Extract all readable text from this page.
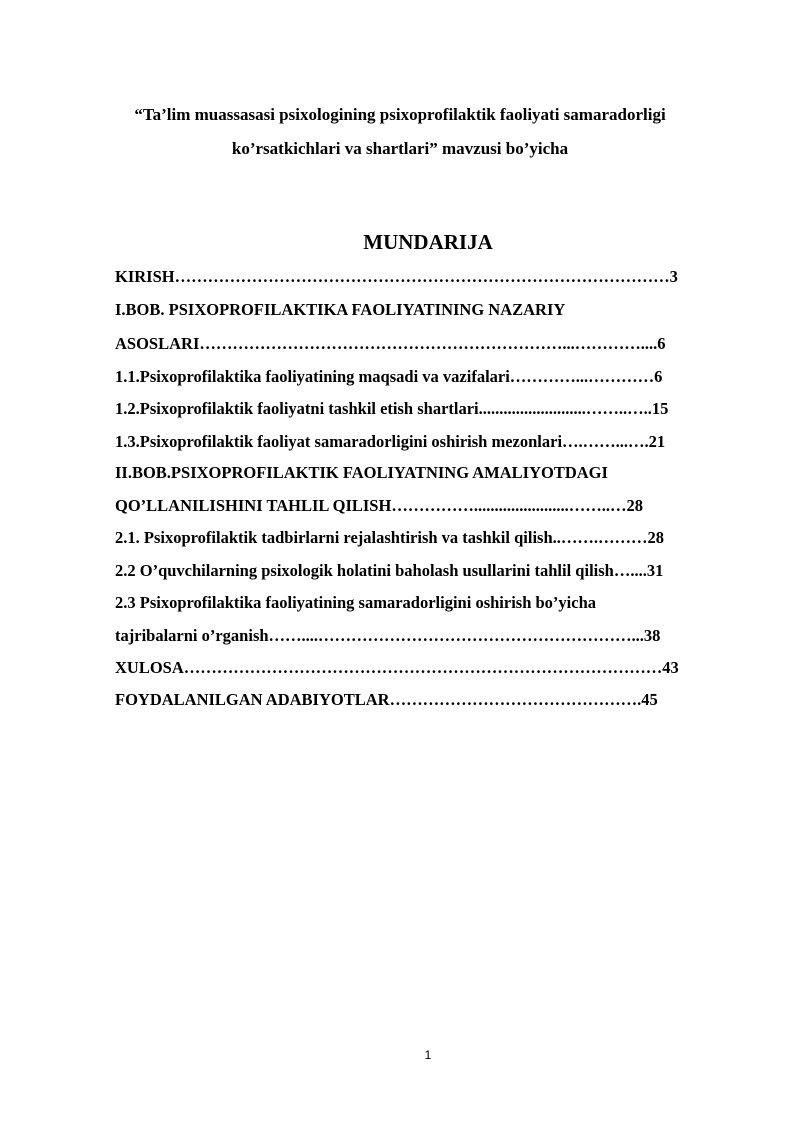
“Ta’lim muassasasi psixologining psixoprofilaktik faoliyati samaradorligi
ko’rsatkichlari va shartlari” mavzusi bo’yicha
MUNDARIJA
KIRISH………………………………………………………………………………3
I.BOB. PSIXOPROFILAKTIKA FAOLIYATINING NAZARIY
ASOSLARI…………………………………………………………...…………....6
1.1.Psixoprofilaktika faoliyatining maqsadi va vazifalari…………...…………6
1.2.Psixoprofilaktik faoliyatni tashkil etish shartlari..........................……..…..15
1.3.Psixoprofilaktik faoliyat samaradorligini oshirish mezonlari….……...….21
II.BOB.PSIXOPROFILAKTIK FAOLIYATNING AMALIYOTDAGI
QO’LLANILISHINI TAHLIL QILISH…………….......................……..…28
2.1. Psixoprofilaktik tadbirlarni rejalashtirish va tashkil qilish..…….………28
2.2 O’quvchilarning psixologik holatini baholash usullarini tahlil qilish…....31
2.3 Psixoprofilaktika faoliyatining samaradorligini oshirish bo’yicha
tajribalarni o’rganish……....…………………………………………………...38
XULOSA……………………………………………………………………………43
FOYDALANILGAN ADABIYOTLAR……………………………………….45
1
